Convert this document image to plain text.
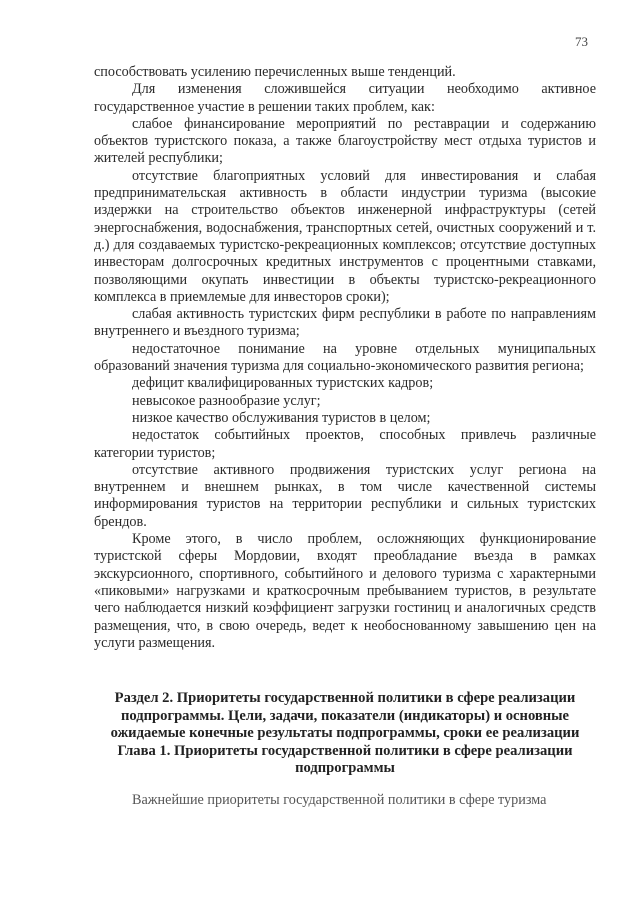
73

способствовать усилению перечисленных выше тенденций.

Для изменения сложившейся ситуации необходимо активное государственное участие в решении таких проблем, как:

слабое финансирование мероприятий по реставрации и содержанию объектов туристского показа, а также благоустройству мест отдыха туристов и жителей республики;

отсутствие благоприятных условий для инвестирования и слабая предпринимательская активность в области индустрии туризма (высокие издержки на строительство объектов инженерной инфраструктуры (сетей энергоснабжения, водоснабжения, транспортных сетей, очистных сооружений и т. д.) для создаваемых туристско-рекреационных комплексов; отсутствие доступных инвесторам долгосрочных кредитных инструментов с процентными ставками, позволяющими окупать инвестиции в объекты туристско-рекреационного комплекса в приемлемые для инвесторов сроки);

слабая активность туристских фирм республики в работе по направлениям внутреннего и въездного туризма;

недостаточное понимание на уровне отдельных муниципальных образований значения туризма для социально-экономического развития региона;

дефицит квалифицированных туристских кадров;

невысокое разнообразие услуг;

низкое качество обслуживания туристов в целом;

недостаток событийных проектов, способных привлечь различные категории туристов;

отсутствие активного продвижения туристских услуг региона на внутреннем и внешнем рынках, в том числе качественной системы информирования туристов на территории республики и сильных туристских брендов.

Кроме этого, в число проблем, осложняющих функционирование туристской сферы Мордовии, входят преобладание въезда в рамках экскурсионного, спортивного, событийного и делового туризма с характерными «пиковыми» нагрузками и краткосрочным пребыванием туристов, в результате чего наблюдается низкий коэффициент загрузки гостиниц и аналогичных средств размещения, что, в свою очередь, ведет к необоснованному завышению цен на услуги размещения.

Раздел 2. Приоритеты государственной политики в сфере реализации
подпрограммы. Цели, задачи, показатели (индикаторы) и основные
ожидаемые конечные результаты подпрограммы, сроки ее реализации
Глава 1. Приоритеты государственной политики в сфере реализации
подпрограммы

Важнейшие приоритеты государственной политики в сфере туризма
